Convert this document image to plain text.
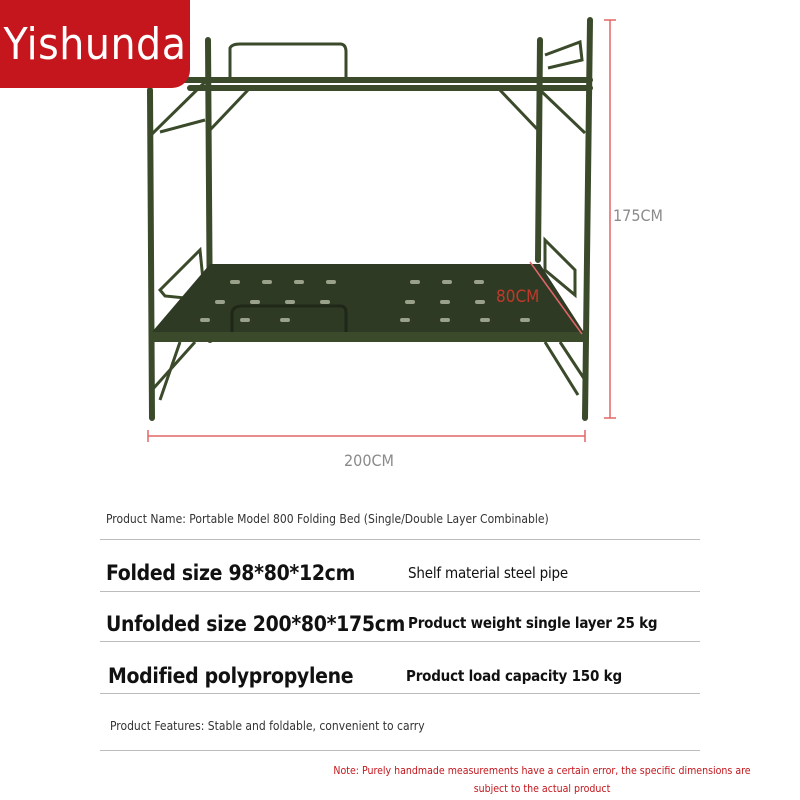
Yishunda
175CM
80CM
200CM
Product Name: Portable Model 800 Folding Bed (Single/Double Layer Combinable)
Folded size 98*80*12cm	Shelf material steel pipe
Unfolded size 200*80*175cm Product weight single layer 25 kg
Modified polypropylene	Product load capacity 150 kg
Product Features: Stable and foldable, convenient to carry
Note: Purely handmade measurements have a certain error, the specific dimensions are subject to the actual product
